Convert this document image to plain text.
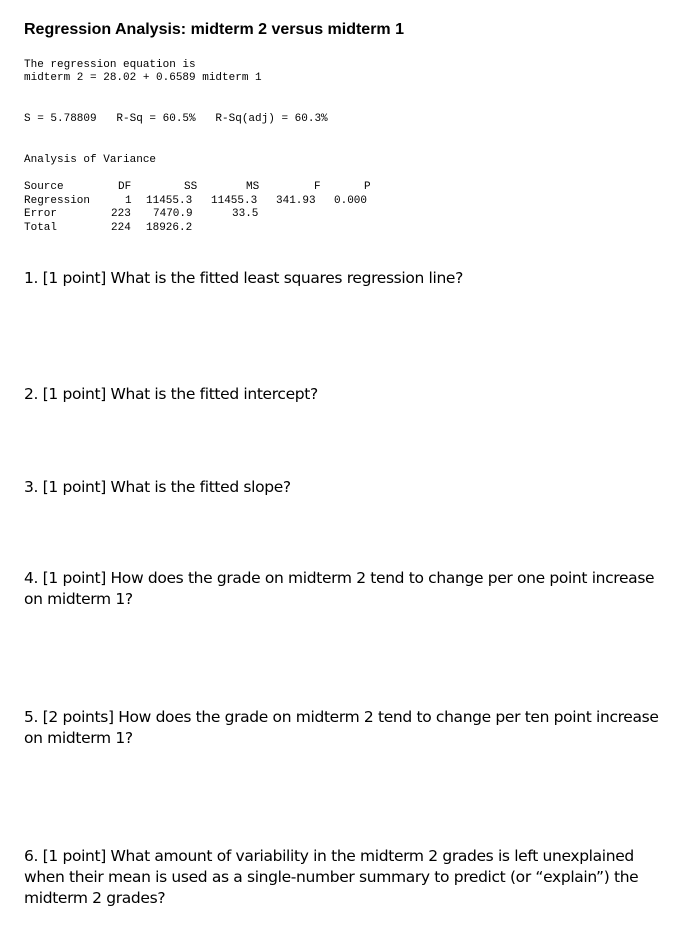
Regression Analysis: midterm 2 versus midterm 1
The regression equation is
midterm 2 = 28.02 + 0.6589 midterm 1
S = 5.78809   R-Sq = 60.5%   R-Sq(adj) = 60.3%
Analysis of Variance
Source	DF	SS	MS	F	P
Regression	1 11455.3 11455.3 341.93 0.000
Error	223 7470.9	33.5
Total	224 18926.2
1. [1 point] What is the fitted least squares regression line?
2. [1 point] What is the fitted intercept?
3. [1 point] What is the fitted slope?
4. [1 point] How does the grade on midterm 2 tend to change per one point increase on midterm 1?
5. [2 points] How does the grade on midterm 2 tend to change per ten point increase on midterm 1?
6. [1 point] What amount of variability in the midterm 2 grades is left unexplained when their mean is used as a single-number summary to predict (or “explain”) the midterm 2 grades?
